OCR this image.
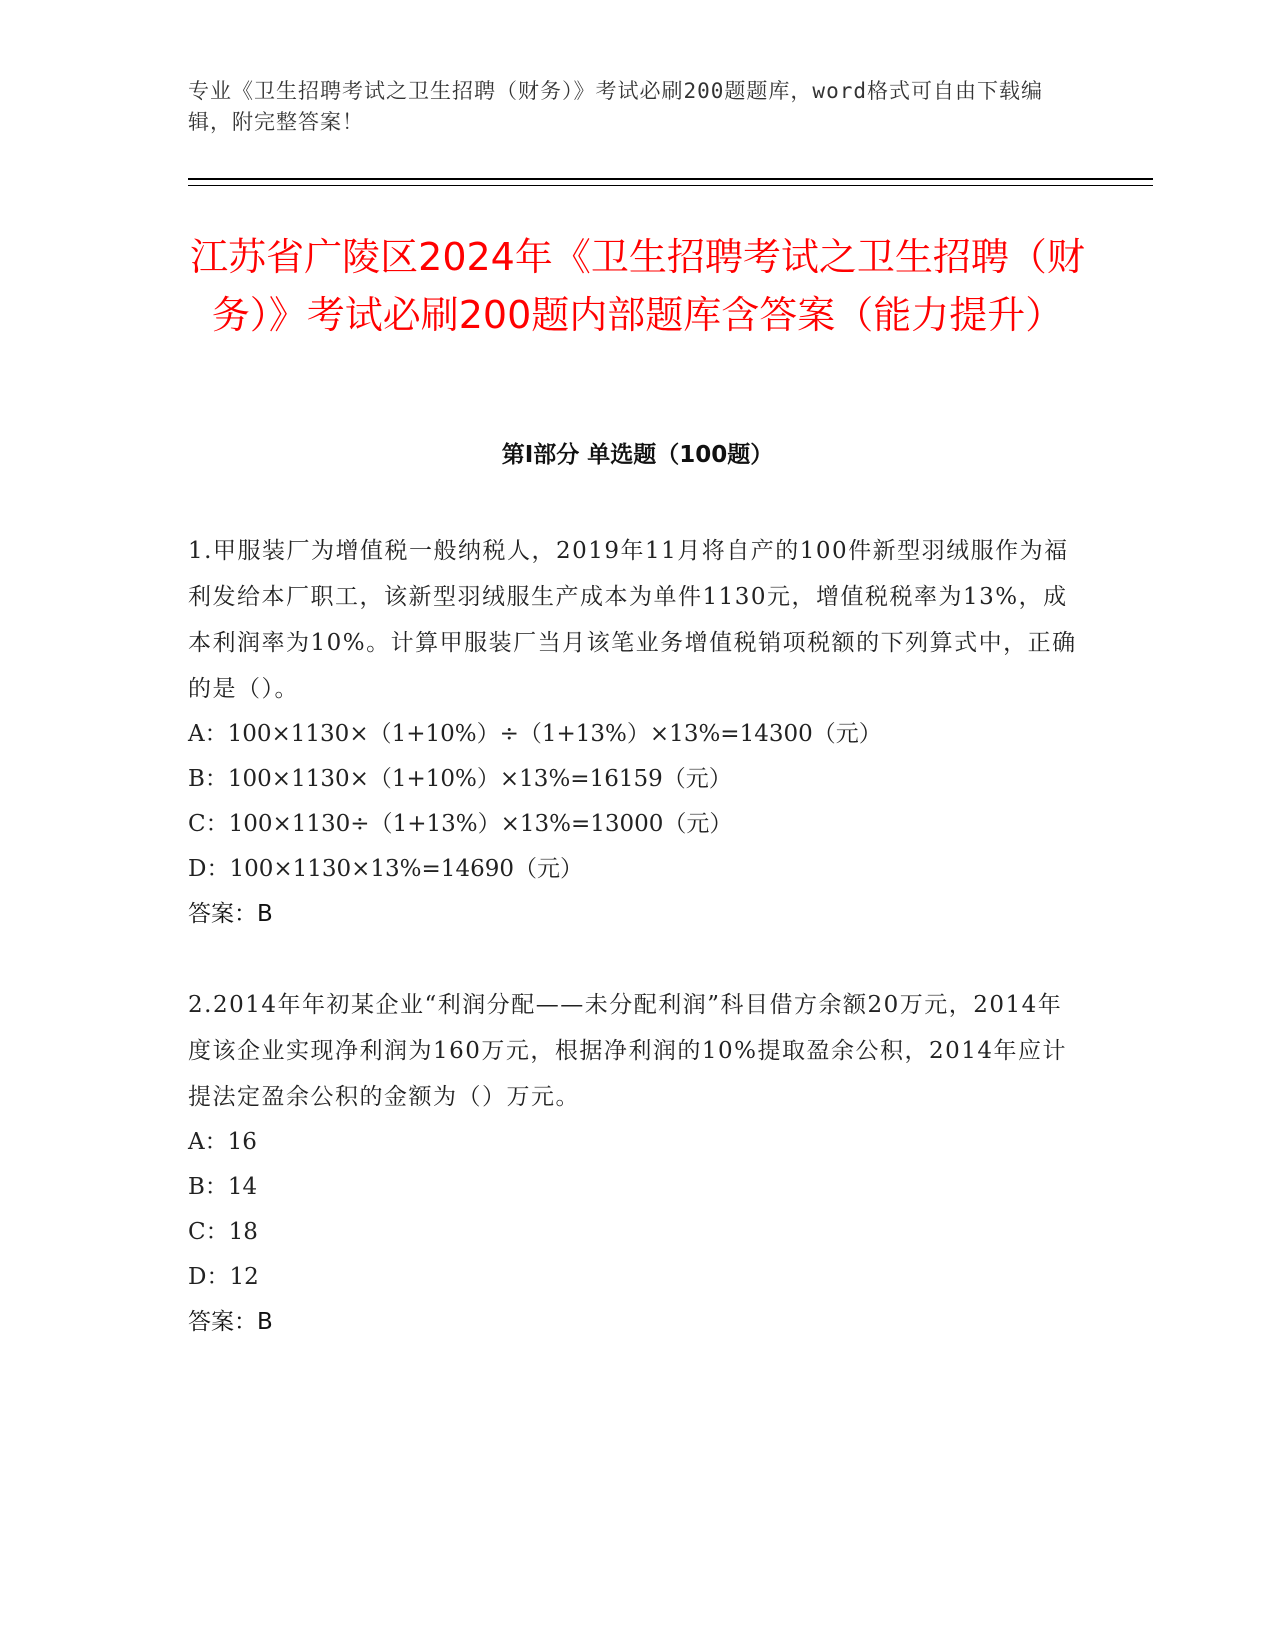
专业《卫生招聘考试之卫生招聘（财务）》考试必刷200题题库，word格式可自由下载编辑，附完整答案！
江苏省广陵区2024年《卫生招聘考试之卫生招聘（财务）》考试必刷200题内部题库含答案（能力提升）
第Ⅰ部分 单选题（100题）

1.甲服装厂为增值税一般纳税人，2019年11月将自产的100件新型羽绒服作为福利发给本厂职工，该新型羽绒服生产成本为单件1130元，增值税税率为13%，成本利润率为10%。计算甲服装厂当月该笔业务增值税销项税额的下列算式中，正确的是（）。

A：100×1130×（1+10%）÷（1+13%）×13%=14300（元）
B：100×1130×（1+10%）×13%=16159（元）
C：100×1130÷（1+13%）×13%=13000（元）
D：100×1130×13%=14690（元）
答案：B

2.2014年年初某企业“利润分配——未分配利润”科目借方余额20万元，2014年度该企业实现净利润为160万元，根据净利润的10%提取盈余公积，2014年应计提法定盈余公积的金额为（）万元。

A：16
B：14
C：18
D：12
答案：B
